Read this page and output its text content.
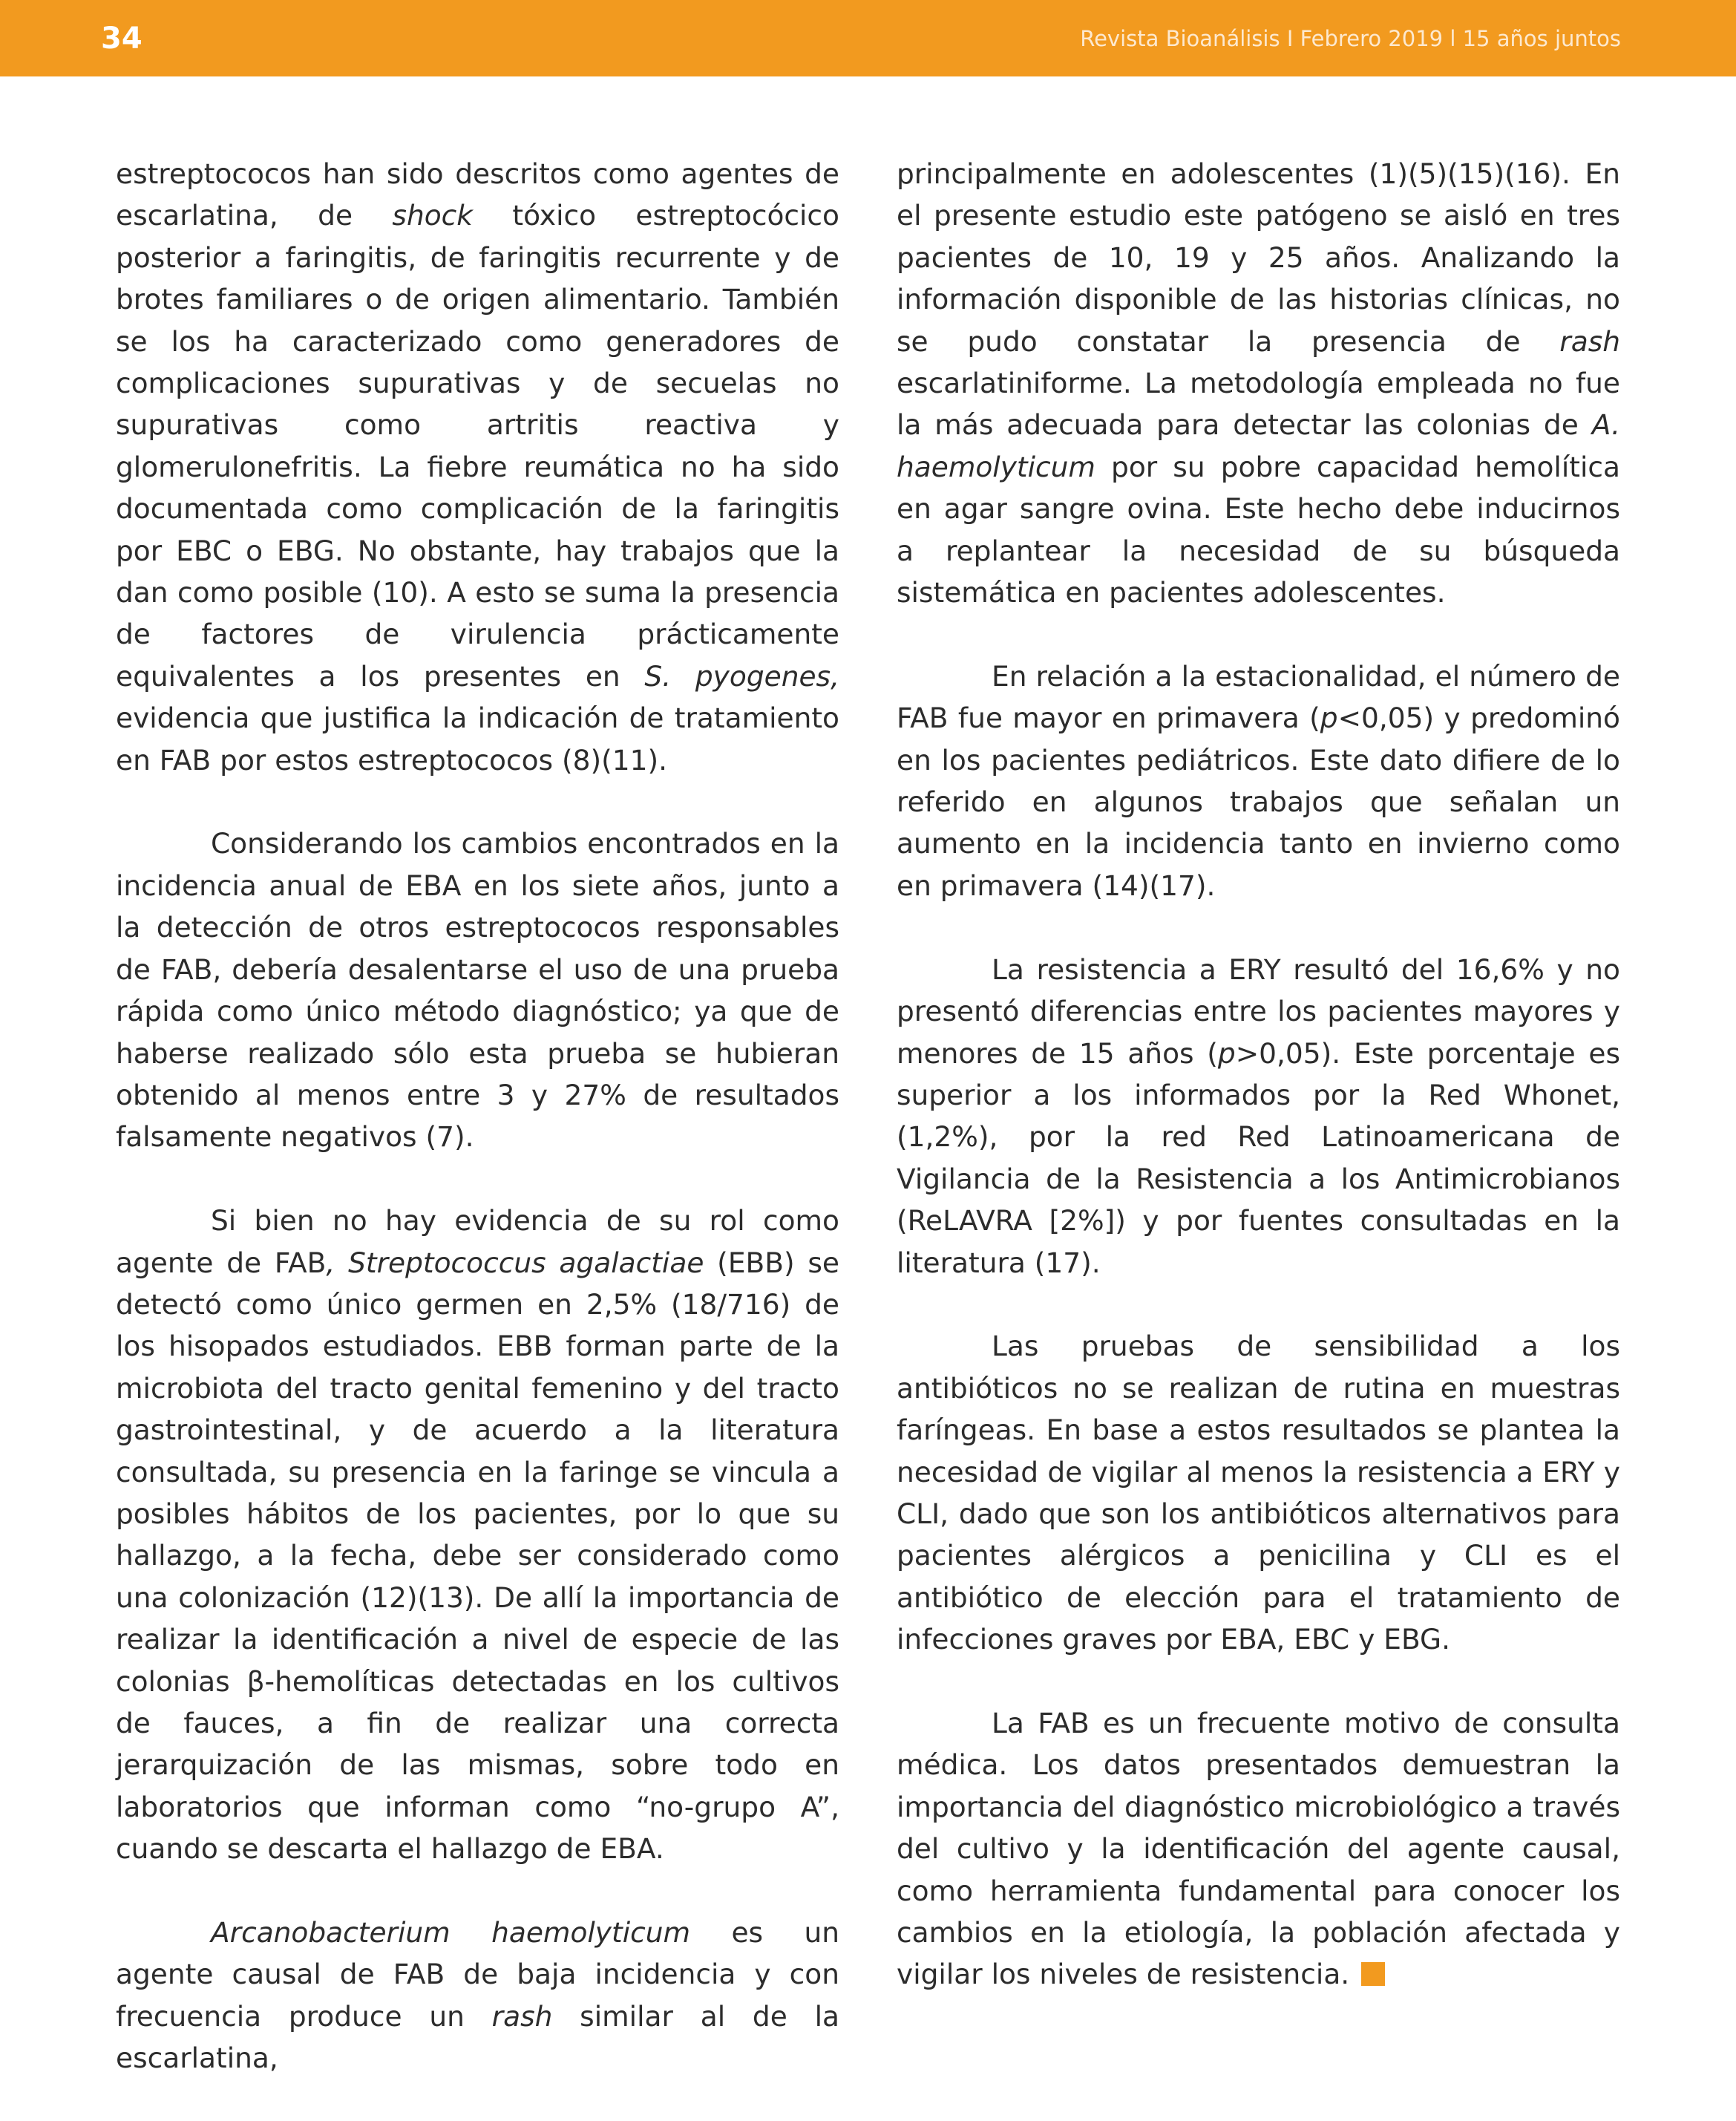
34	Revista Bioanálisis I Febrero 2019 l 15 años juntos

estreptococos han sido descritos como agentes de escarlatina, de shock tóxico estreptocócico posterior a faringitis, de faringitis recurrente y de brotes familiares o de origen alimentario. También se los ha caracterizado como generadores de complicaciones supurativas y de secuelas no supurativas como artritis reactiva y glomerulonefritis. La fiebre reumática no ha sido documentada como complicación de la faringitis por EBC o EBG. No obstante, hay trabajos que la dan como posible (10). A esto se suma la presencia de factores de virulencia prácticamente equivalentes a los presentes en S. pyogenes, evidencia que justifica la indicación de tratamiento en FAB por estos estreptococos (8)(11).

Considerando los cambios encontrados en la incidencia anual de EBA en los siete años, junto a la detección de otros estreptococos responsables de FAB, debería desalentarse el uso de una prueba rápida como único método diagnóstico; ya que de haberse realizado sólo esta prueba se hubieran obtenido al menos entre 3 y 27% de resultados falsamente negativos (7).

Si bien no hay evidencia de su rol como agente de FAB, Streptococcus agalactiae (EBB) se detectó como único germen en 2,5% (18/716) de los hisopados estudiados. EBB forman parte de la microbiota del tracto genital femenino y del tracto gastrointestinal, y de acuerdo a la literatura consultada, su presencia en la faringe se vincula a posibles hábitos de los pacientes, por lo que su hallazgo, a la fecha, debe ser considerado como una colonización (12)(13). De allí la importancia de realizar la identificación a nivel de especie de las colonias β-hemolíticas detectadas en los cultivos de fauces, a fin de realizar una correcta jerarquización de las mismas, sobre todo en laboratorios que informan como “no-grupo A”, cuando se descarta el hallazgo de EBA.

Arcanobacterium haemolyticum es un agente causal de FAB de baja incidencia y con frecuencia produce un rash similar al de la escarlatina,

principalmente en adolescentes (1)(5)(15)(16). En el presente estudio este patógeno se aisló en tres pacientes de 10, 19 y 25 años. Analizando la información disponible de las historias clínicas, no se pudo constatar la presencia de rash escarlatiniforme. La metodología empleada no fue la más adecuada para detectar las colonias de A. haemolyticum por su pobre capacidad hemolítica en agar sangre ovina. Este hecho debe inducirnos a replantear la necesidad de su búsqueda sistemática en pacientes adolescentes.

En relación a la estacionalidad, el número de FAB fue mayor en primavera (p<0,05) y predominó en los pacientes pediátricos. Este dato difiere de lo referido en algunos trabajos que señalan un aumento en la incidencia tanto en invierno como en primavera (14)(17).

La resistencia a ERY resultó del 16,6% y no presentó diferencias entre los pacientes mayores y menores de 15 años (p>0,05). Este porcentaje es superior a los informados por la Red Whonet, (1,2%), por la red Red Latinoamericana de Vigilancia de la Resistencia a los Antimicrobianos (ReLAVRA [2%]) y por fuentes consultadas en la literatura (17).

Las pruebas de sensibilidad a los antibióticos no se realizan de rutina en muestras faríngeas. En base a estos resultados se plantea la necesidad de vigilar al menos la resistencia a ERY y CLI, dado que son los antibióticos alternativos para pacientes alérgicos a penicilina y CLI es el antibiótico de elección para el tratamiento de infecciones graves por EBA, EBC y EBG.

La FAB es un frecuente motivo de consulta médica. Los datos presentados demuestran la importancia del diagnóstico microbiológico a través del cultivo y la identificación del agente causal, como herramienta fundamental para conocer los cambios en la etiología, la población afectada y vigilar los niveles de resistencia.
